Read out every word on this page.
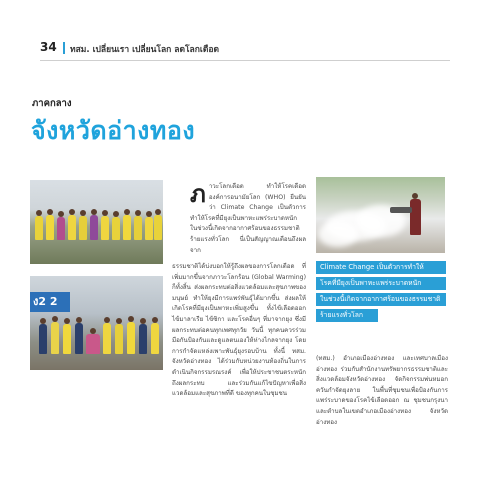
34 ทสม. เปลี่ยนเรา เปลี่ยนโลก ลดโลกเดือด
ภาคกลาง
จังหวัดอ่างทอง
ง2 2
ภาวะโลกเดือด ทำให้โรคเดือด องค์การอนามัยโลก (WHO) ยืนยันว่า Climate Change เป็นตัวการทำให้โรคที่มียุงเป็นพาหะแพร่ระบาดหนัก ในช่วงนี้เกิดจากอากาศร้อนของธรรมชาติ ร้ายแรงทั่วโลก นี่เป็นสัญญาณเตือนถึงผลจาก
ธรรมชาติได้บ่งบอกให้รู้ถึงผลของการโลกเดือด ที่เพิ่มมากขึ้นจากภาวะโลกร้อน (Global Warming) ก็ทั้งสิ้น ส่งผลกระทบต่อสิ่งแวดล้อมและสุขภาพของมนุษย์ ทำให้ยุงมีการแพร่พันธุ์ได้มากขึ้น ส่งผลให้เกิดโรคที่มียุงเป็นพาหะเพิ่มสูงขึ้น ทั้งไข้เลือดออก ไข้มาลาเรีย ไข้ซิกา และโรคอื่นๆ ที่มาจากยุง ซึ่งมีผลกระทบต่อคนทุกเพศทุกวัย วันนี้ ทุกคนควรร่วมมือกันป้องกันและดูแลตนเองให้ห่างไกลจากยุง โดยการกำจัดแหล่งเพาะพันธุ์ยุงรอบบ้าน ทั้งนี้ ทสม. จังหวัดอ่างทอง ได้ร่วมกับหน่วยงานท้องถิ่นในการดำเนินกิจกรรมรณรงค์ เพื่อให้ประชาชนตระหนักถึงผลกระทบ และร่วมกันแก้ไขปัญหาเพื่อสิ่งแวดล้อมและสุขภาพที่ดี ของทุกคนในชุมชน
Climate Change เป็นตัวการทำให้
โรคที่มียุงเป็นพาหะแพร่ระบาดหนัก
ในช่วงนี้เกิดจากอากาศร้อนของธรรมชาติ
ร้ายแรงทั่วโลก
(ทสม.) อำเภอเมืองอ่างทอง และเทศบาลเมืองอ่างทอง ร่วมกับสำนักงานทรัพยากรธรรมชาติและสิ่งแวดล้อมจังหวัดอ่างทอง จัดกิจกรรมพ่นหมอกควันกำจัดยุงลาย ในพื้นที่ชุมชนเพื่อป้องกันการแพร่ระบาดของโรคไข้เลือดออก ณ ชุมชนกรุงนา และตำบลในเขตอำเภอเมืองอ่างทอง จังหวัดอ่างทอง
